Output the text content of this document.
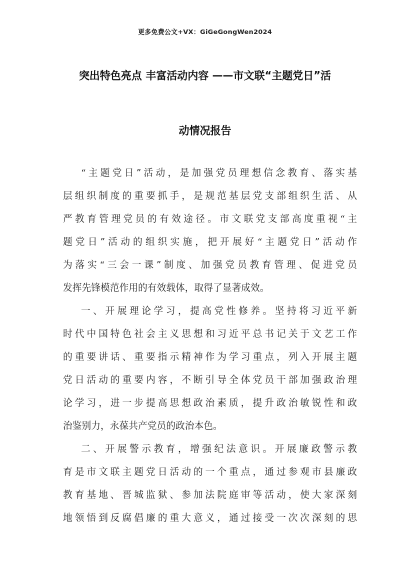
更多免费公文+VX：GiGeGongWen2024
突出特色亮点 丰富活动内容 ——市文联“主题党日”活
动情况报告
“主题党日”活动，是加强党员理想信念教育、落实基
层组织制度的重要抓手，是规范基层党支部组织生活、从
严教育管理党员的有效途径。市文联党支部高度重视“主
题党日”活动的组织实施，把开展好“主题党日”活动作
为落实“三会一课”制度、加强党员教育管理、促进党员
发挥先锋模范作用的有效载体，取得了显著成效。
一、开展理论学习，提高党性修养。坚持将习近平新
时代中国特色社会主义思想和习近平总书记关于文艺工作
的重要讲话、重要指示精神作为学习重点，列入开展主题
党日活动的重要内容，不断引导全体党员干部加强政治理
论学习，进一步提高思想政治素质，提升政治敏锐性和政
治鉴别力，永葆共产党员的政治本色。
二、开展警示教育，增强纪法意识。开展廉政警示教
育是市文联主题党日活动的一个重点，通过参观市县廉政
教育基地、晋城监狱、参加法院庭审等活动，使大家深刻
地领悟到反腐倡廉的重大意义，通过接受一次次深刻的思
